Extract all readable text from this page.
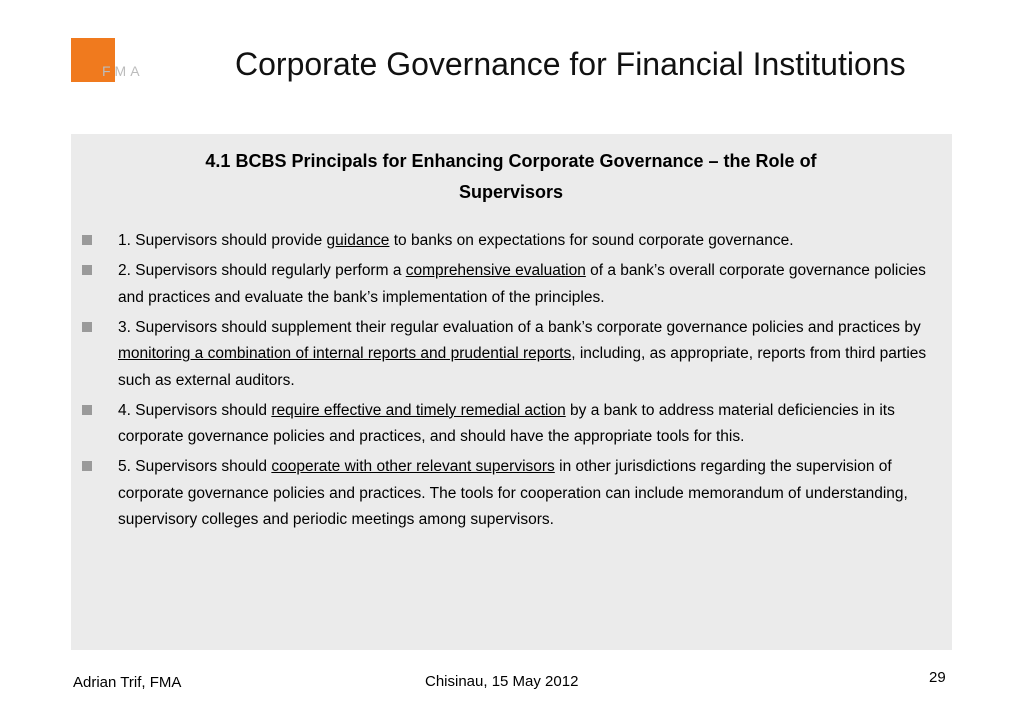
FMA	Corporate Governance for Financial Institutions
4.1 BCBS Principals for Enhancing Corporate Governance – the Role of
Supervisors
1. Supervisors should provide guidance to banks on expectations for sound corporate governance.
2. Supervisors should regularly perform a comprehensive evaluation of a bank’s overall corporate governance policies and practices and evaluate the bank’s implementation of the principles.
3. Supervisors should supplement their regular evaluation of a bank’s corporate governance policies and practices by monitoring a combination of internal reports and prudential reports, including, as appropriate, reports from third parties such as external auditors.
4. Supervisors should require effective and timely remedial action by a bank to address material deficiencies in its corporate governance policies and practices, and should have the appropriate tools for this.
5. Supervisors should cooperate with other relevant supervisors in other jurisdictions regarding the supervision of corporate governance policies and practices. The tools for cooperation can include memorandum of understanding, supervisory colleges and periodic meetings among supervisors.
Adrian Trif, FMA	Chisinau, 15 May 2012	29
